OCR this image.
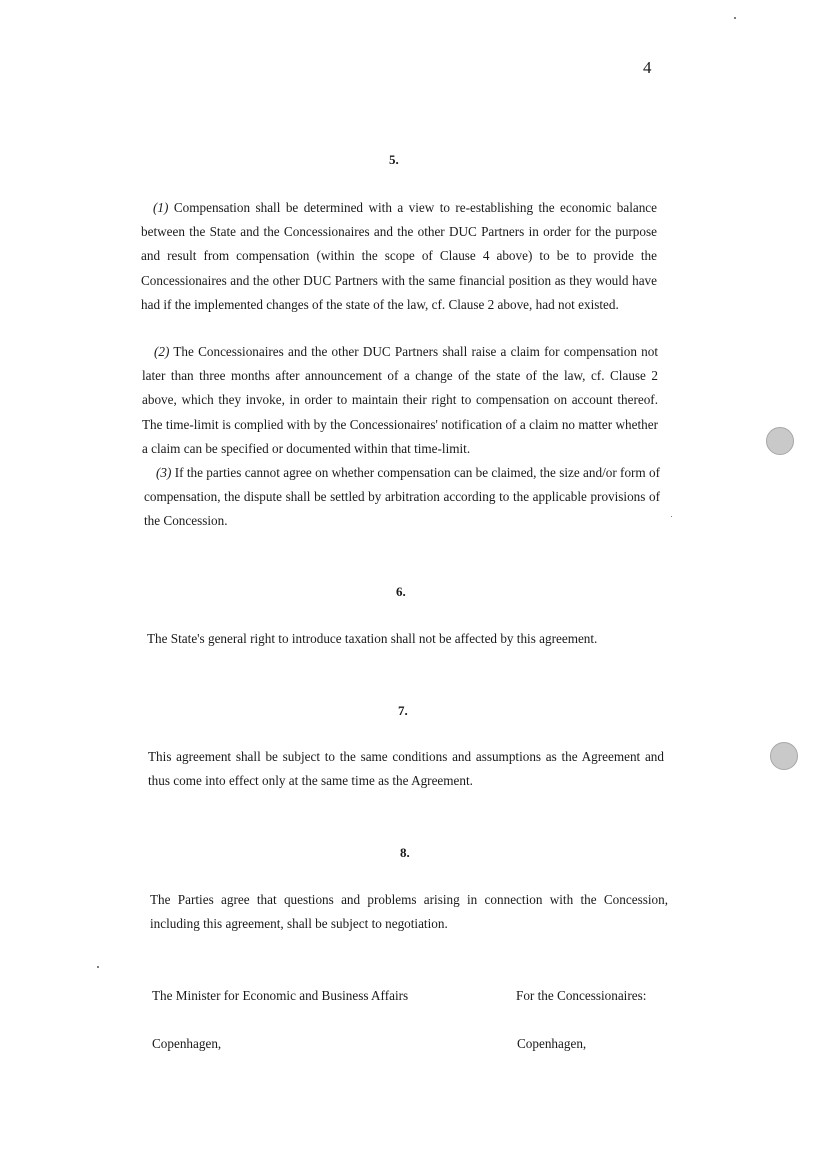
4
5.
(1) Compensation shall be determined with a view to re-establishing the economic balance between the State and the Concessionaires and the other DUC Partners in order for the purpose and result from compensation (within the scope of Clause 4 above) to be to provide the Concessionaires and the other DUC Partners with the same financial position as they would have had if the implemented changes of the state of the law, cf. Clause 2 above, had not existed.
(2) The Concessionaires and the other DUC Partners shall raise a claim for compensation not later than three months after announcement of a change of the state of the law, cf. Clause 2 above, which they invoke, in order to maintain their right to compensation on account thereof. The time-limit is complied with by the Concessionaires' notification of a claim no matter whether a claim can be specified or documented within that time-limit.
(3) If the parties cannot agree on whether compensation can be claimed, the size and/or form of compensation, the dispute shall be settled by arbitration according to the applicable provisions of the Concession.
6.
The State's general right to introduce taxation shall not be affected by this agreement.
7.
This agreement shall be subject to the same conditions and assumptions as the Agreement and thus come into effect only at the same time as the Agreement.
8.
The Parties agree that questions and problems arising in connection with the Concession, including this agreement, shall be subject to negotiation.
The Minister for Economic and Business Affairs	For the Concessionaires:
Copenhagen,	Copenhagen,
